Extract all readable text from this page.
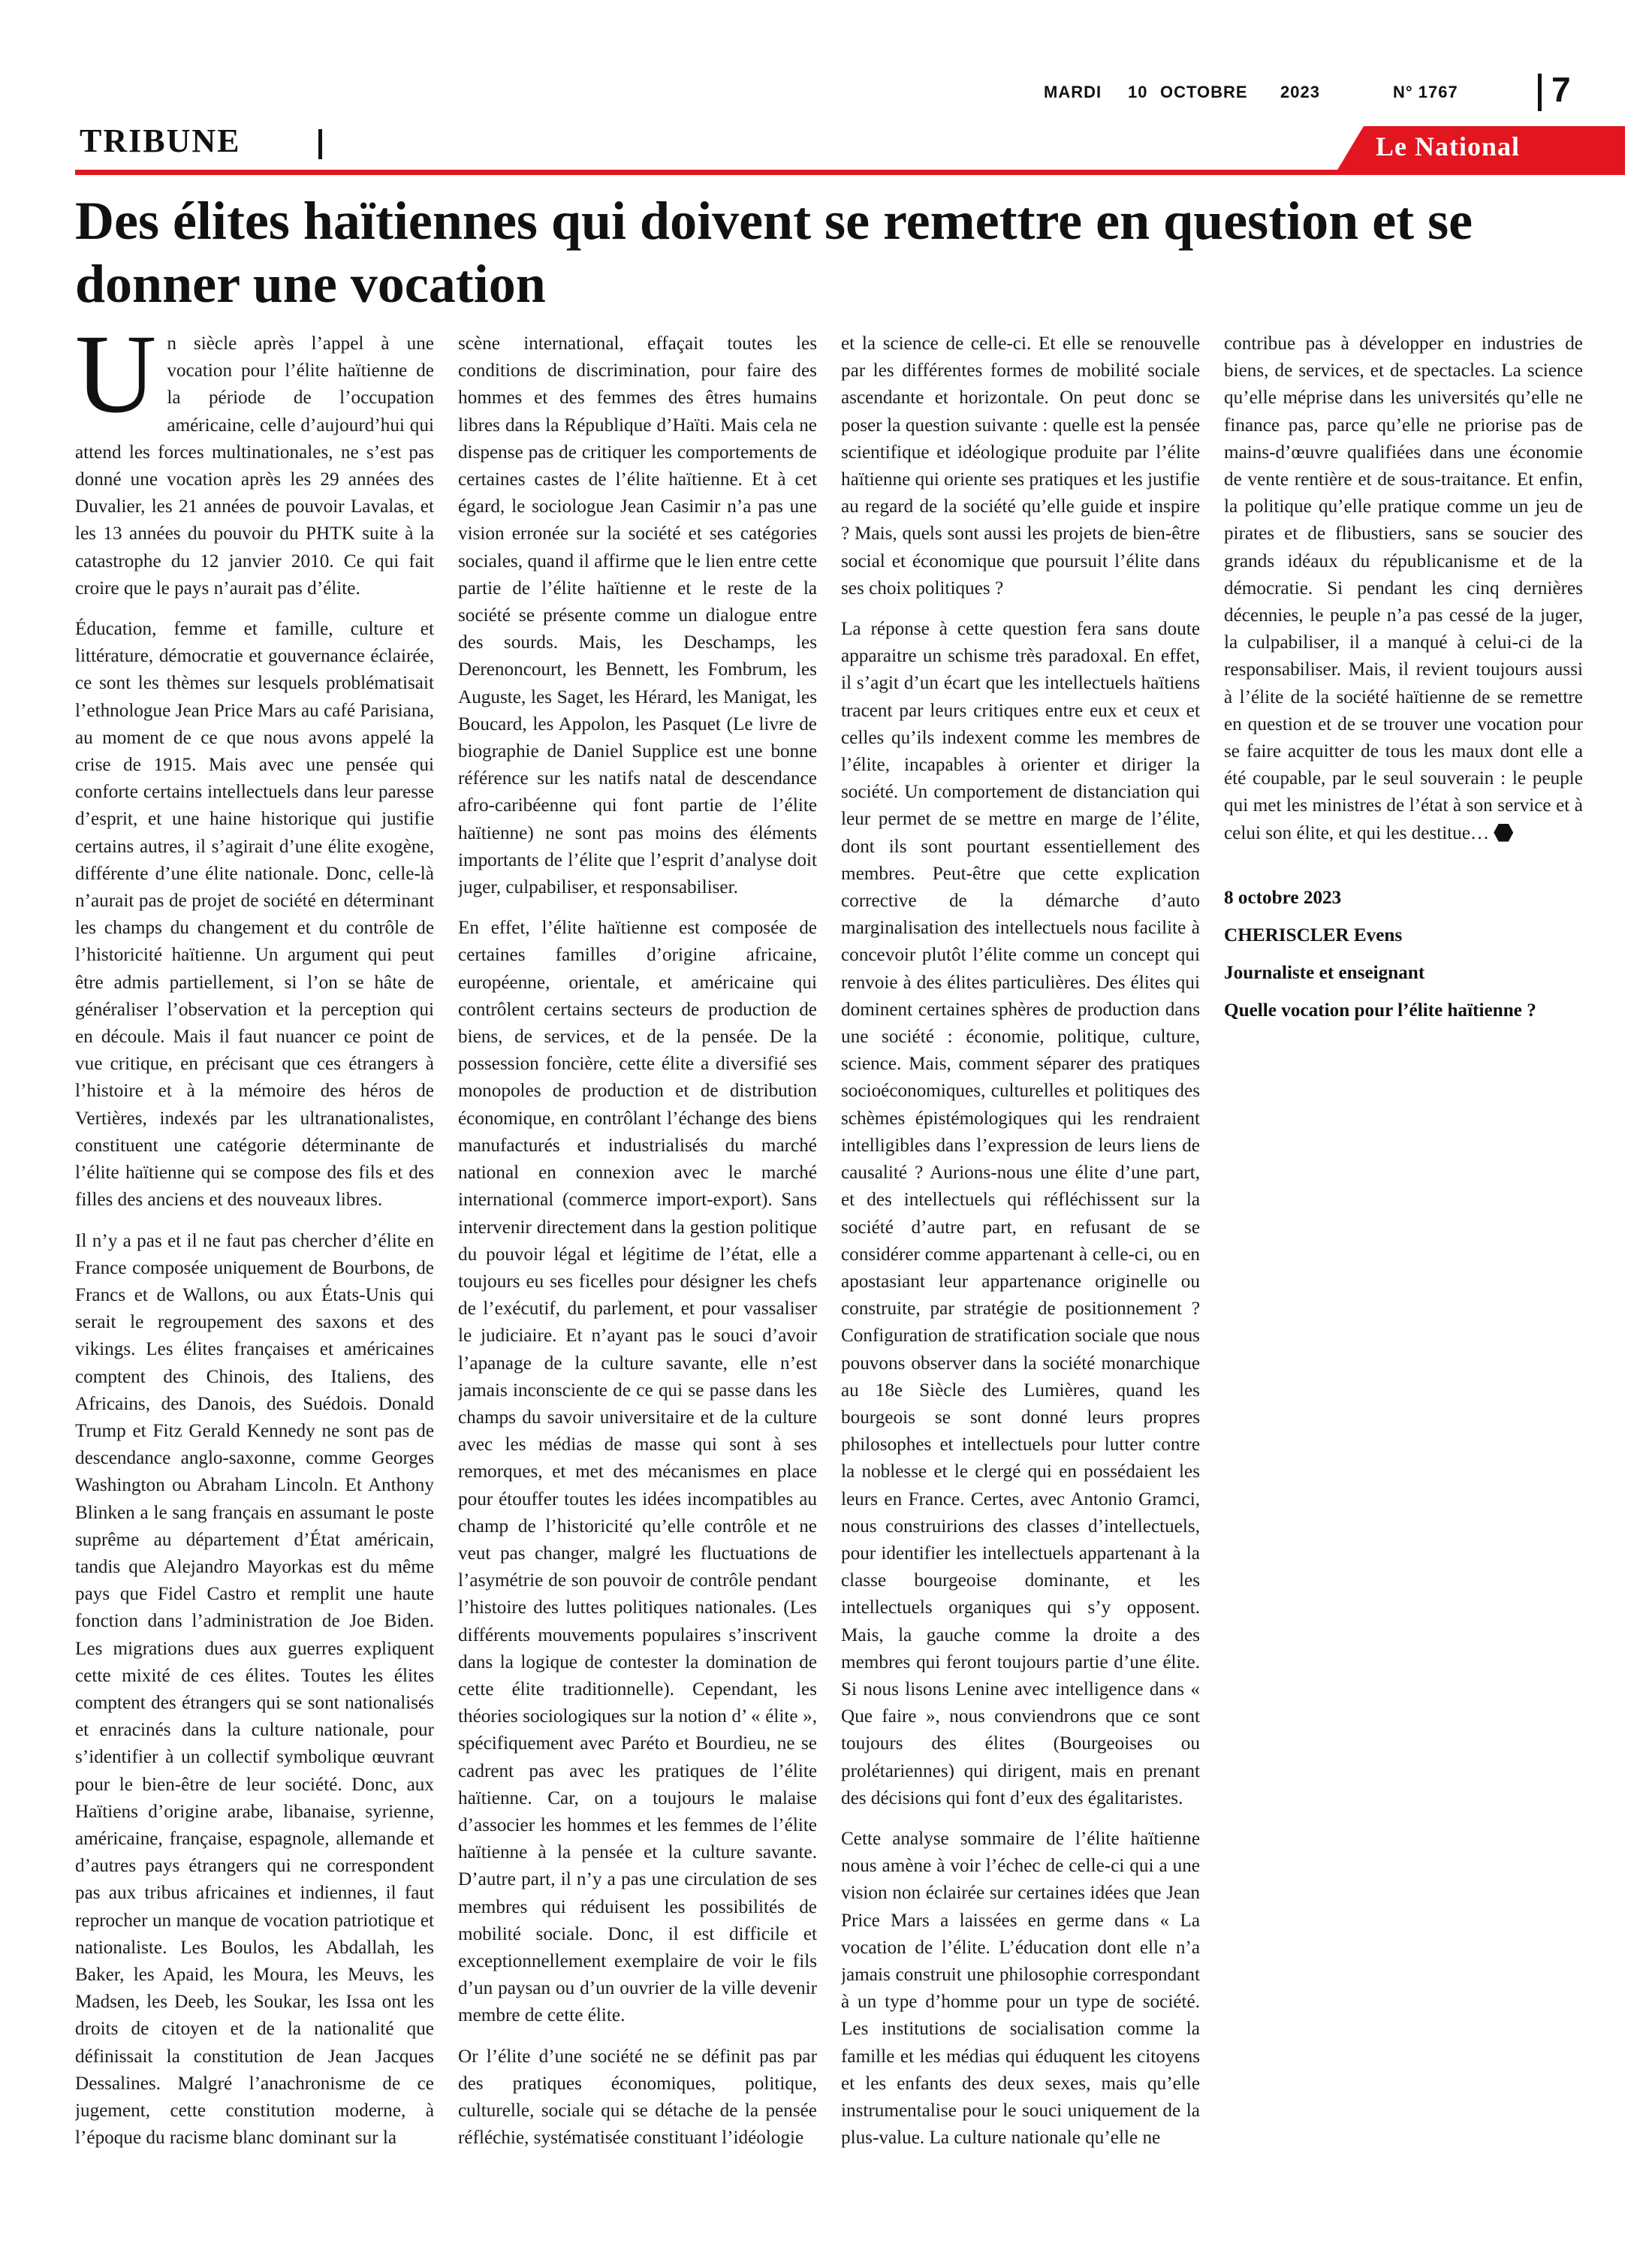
MARDI 10 OCTOBRE 2023	N° 1767	7
TRIBUNE	Le National
Des élites haïtiennes qui doivent se remettre en question et se donner une vocation

Un siècle après l’appel à une vocation pour l’élite haïtienne de la période de l’occupation américaine, celle d’aujourd’hui qui attend les forces multinationales, ne s’est pas donné une vocation après les 29 années des Duvalier, les 21 années de pouvoir Lavalas, et les 13 années du pouvoir du PHTK suite à la catastrophe du 12 janvier 2010. Ce qui fait croire que le pays n’aurait pas d’élite.

Éducation, femme et famille, culture et littérature, démocratie et gouvernance éclairée, ce sont les thèmes sur lesquels problématisait l’ethnologue Jean Price Mars au café Parisiana, au moment de ce que nous avons appelé la crise de 1915. Mais avec une pensée qui conforte certains intellectuels dans leur paresse d’esprit, et une haine historique qui justifie certains autres, il s’agirait d’une élite exogène, différente d’une élite nationale. Donc, celle-là n’aurait pas de projet de société en déterminant les champs du changement et du contrôle de l’historicité haïtienne. Un argument qui peut être admis partiellement, si l’on se hâte de généraliser l’observation et la perception qui en découle. Mais il faut nuancer ce point de vue critique, en précisant que ces étrangers à l’histoire et à la mémoire des héros de Vertières, indexés par les ultranationalistes, constituent une catégorie déterminante de l’élite haïtienne qui se compose des fils et des filles des anciens et des nouveaux libres.

Il n’y a pas et il ne faut pas chercher d’élite en France composée uniquement de Bourbons, de Francs et de Wallons, ou aux États-Unis qui serait le regroupement des saxons et des vikings. Les élites françaises et américaines comptent des Chinois, des Italiens, des Africains, des Danois, des Suédois. Donald Trump et Fitz Gerald Kennedy ne sont pas de descendance anglo-saxonne, comme Georges Washington ou Abraham Lincoln. Et Anthony Blinken a le sang français en assumant le poste suprême au département d’État américain, tandis que Alejandro Mayorkas est du même pays que Fidel Castro et remplit une haute fonction dans l’administration de Joe Biden. Les migrations dues aux guerres expliquent cette mixité de ces élites. Toutes les élites comptent des étrangers qui se sont nationalisés et enracinés dans la culture nationale, pour s’identifier à un collectif symbolique œuvrant pour le bien-être de leur société. Donc, aux Haïtiens d’origine arabe, libanaise, syrienne, américaine, française, espagnole, allemande et d’autres pays étrangers qui ne correspondent pas aux tribus africaines et indiennes, il faut reprocher un manque de vocation patriotique et nationaliste. Les Boulos, les Abdallah, les Baker, les Apaid, les Moura, les Meuvs, les Madsen, les Deeb, les Soukar, les Issa ont les droits de citoyen et de la nationalité que définissait la constitution de Jean Jacques Dessalines. Malgré l’anachronisme de ce jugement, cette constitution moderne, à l’époque du racisme blanc dominant sur la

scène international, effaçait toutes les conditions de discrimination, pour faire des hommes et des femmes des êtres humains libres dans la République d’Haïti. Mais cela ne dispense pas de critiquer les comportements de certaines castes de l’élite haïtienne. Et à cet égard, le sociologue Jean Casimir n’a pas une vision erronée sur la société et ses catégories sociales, quand il affirme que le lien entre cette partie de l’élite haïtienne et le reste de la société se présente comme un dialogue entre des sourds. Mais, les Deschamps, les Derenoncourt, les Bennett, les Fombrum, les Auguste, les Saget, les Hérard, les Manigat, les Boucard, les Appolon, les Pasquet (Le livre de biographie de Daniel Supplice est une bonne référence sur les natifs natal de descendance afro-caribéenne qui font partie de l’élite haïtienne) ne sont pas moins des éléments importants de l’élite que l’esprit d’analyse doit juger, culpabiliser, et responsabiliser.

En effet, l’élite haïtienne est composée de certaines familles d’origine africaine, européenne, orientale, et américaine qui contrôlent certains secteurs de production de biens, de services, et de la pensée. De la possession foncière, cette élite a diversifié ses monopoles de production et de distribution économique, en contrôlant l’échange des biens manufacturés et industrialisés du marché national en connexion avec le marché international (commerce import-export). Sans intervenir directement dans la gestion politique du pouvoir légal et légitime de l’état, elle a toujours eu ses ficelles pour désigner les chefs de l’exécutif, du parlement, et pour vassaliser le judiciaire. Et n’ayant pas le souci d’avoir l’apanage de la culture savante, elle n’est jamais inconsciente de ce qui se passe dans les champs du savoir universitaire et de la culture avec les médias de masse qui sont à ses remorques, et met des mécanismes en place pour étouffer toutes les idées incompatibles au champ de l’historicité qu’elle contrôle et ne veut pas changer, malgré les fluctuations de l’asymétrie de son pouvoir de contrôle pendant l’histoire des luttes politiques nationales. (Les différents mouvements populaires s’inscrivent dans la logique de contester la domination de cette élite traditionnelle). Cependant, les théories sociologiques sur la notion d’ « élite », spécifiquement avec Paréto et Bourdieu, ne se cadrent pas avec les pratiques de l’élite haïtienne. Car, on a toujours le malaise d’associer les hommes et les femmes de l’élite haïtienne à la pensée et la culture savante. D’autre part, il n’y a pas une circulation de ses membres qui réduisent les possibilités de mobilité sociale. Donc, il est difficile et exceptionnellement exemplaire de voir le fils d’un paysan ou d’un ouvrier de la ville devenir membre de cette élite.

Or l’élite d’une société ne se définit pas par des pratiques économiques, politique, culturelle, sociale qui se détache de la pensée réfléchie, systématisée constituant l’idéologie

et la science de celle-ci. Et elle se renouvelle par les différentes formes de mobilité sociale ascendante et horizontale. On peut donc se poser la question suivante : quelle est la pensée scientifique et idéologique produite par l’élite haïtienne qui oriente ses pratiques et les justifie au regard de la société qu’elle guide et inspire ? Mais, quels sont aussi les projets de bien-être social et économique que poursuit l’élite dans ses choix politiques ?

La réponse à cette question fera sans doute apparaitre un schisme très paradoxal. En effet, il s’agit d’un écart que les intellectuels haïtiens tracent par leurs critiques entre eux et ceux et celles qu’ils indexent comme les membres de l’élite, incapables à orienter et diriger la société. Un comportement de distanciation qui leur permet de se mettre en marge de l’élite, dont ils sont pourtant essentiellement des membres. Peut-être que cette explication corrective de la démarche d’auto marginalisation des intellectuels nous facilite à concevoir plutôt l’élite comme un concept qui renvoie à des élites particulières. Des élites qui dominent certaines sphères de production dans une société : économie, politique, culture, science. Mais, comment séparer des pratiques socioéconomiques, culturelles et politiques des schèmes épistémologiques qui les rendraient intelligibles dans l’expression de leurs liens de causalité ? Aurions-nous une élite d’une part, et des intellectuels qui réfléchissent sur la société d’autre part, en refusant de se considérer comme appartenant à celle-ci, ou en apostasiant leur appartenance originelle ou construite, par stratégie de positionnement ? Configuration de stratification sociale que nous pouvons observer dans la société monarchique au 18e Siècle des Lumières, quand les bourgeois se sont donné leurs propres philosophes et intellectuels pour lutter contre la noblesse et le clergé qui en possédaient les leurs en France. Certes, avec Antonio Gramci, nous construirions des classes d’intellectuels, pour identifier les intellectuels appartenant à la classe bourgeoise dominante, et les intellectuels organiques qui s’y opposent. Mais, la gauche comme la droite a des membres qui feront toujours partie d’une élite. Si nous lisons Lenine avec intelligence dans « Que faire », nous conviendrons que ce sont toujours des élites (Bourgeoises ou prolétariennes) qui dirigent, mais en prenant des décisions qui font d’eux des égalitaristes.

Cette analyse sommaire de l’élite haïtienne nous amène à voir l’échec de celle-ci qui a une vision non éclairée sur certaines idées que Jean Price Mars a laissées en germe dans « La vocation de l’élite. L’éducation dont elle n’a jamais construit une philosophie correspondant à un type d’homme pour un type de société. Les institutions de socialisation comme la famille et les médias qui éduquent les citoyens et les enfants des deux sexes, mais qu’elle instrumentalise pour le souci uniquement de la plus-value. La culture nationale qu’elle ne

contribue pas à développer en industries de biens, de services, et de spectacles. La science qu’elle méprise dans les universités qu’elle ne finance pas, parce qu’elle ne priorise pas de mains-d’œuvre qualifiées dans une économie de vente rentière et de sous-traitance. Et enfin, la politique qu’elle pratique comme un jeu de pirates et de flibustiers, sans se soucier des grands idéaux du républicanisme et de la démocratie. Si pendant les cinq dernières décennies, le peuple n’a pas cessé de la juger, la culpabiliser, il a manqué à celui-ci de la responsabiliser. Mais, il revient toujours aussi à l’élite de la société haïtienne de se remettre en question et de se trouver une vocation pour se faire acquitter de tous les maux dont elle a été coupable, par le seul souverain : le peuple qui met les ministres de l’état à son service et à celui son élite, et qui les destitue…

8 octobre 2023

CHERISCLER Evens

Journaliste et enseignant

Quelle vocation pour l’élite haïtienne ?
